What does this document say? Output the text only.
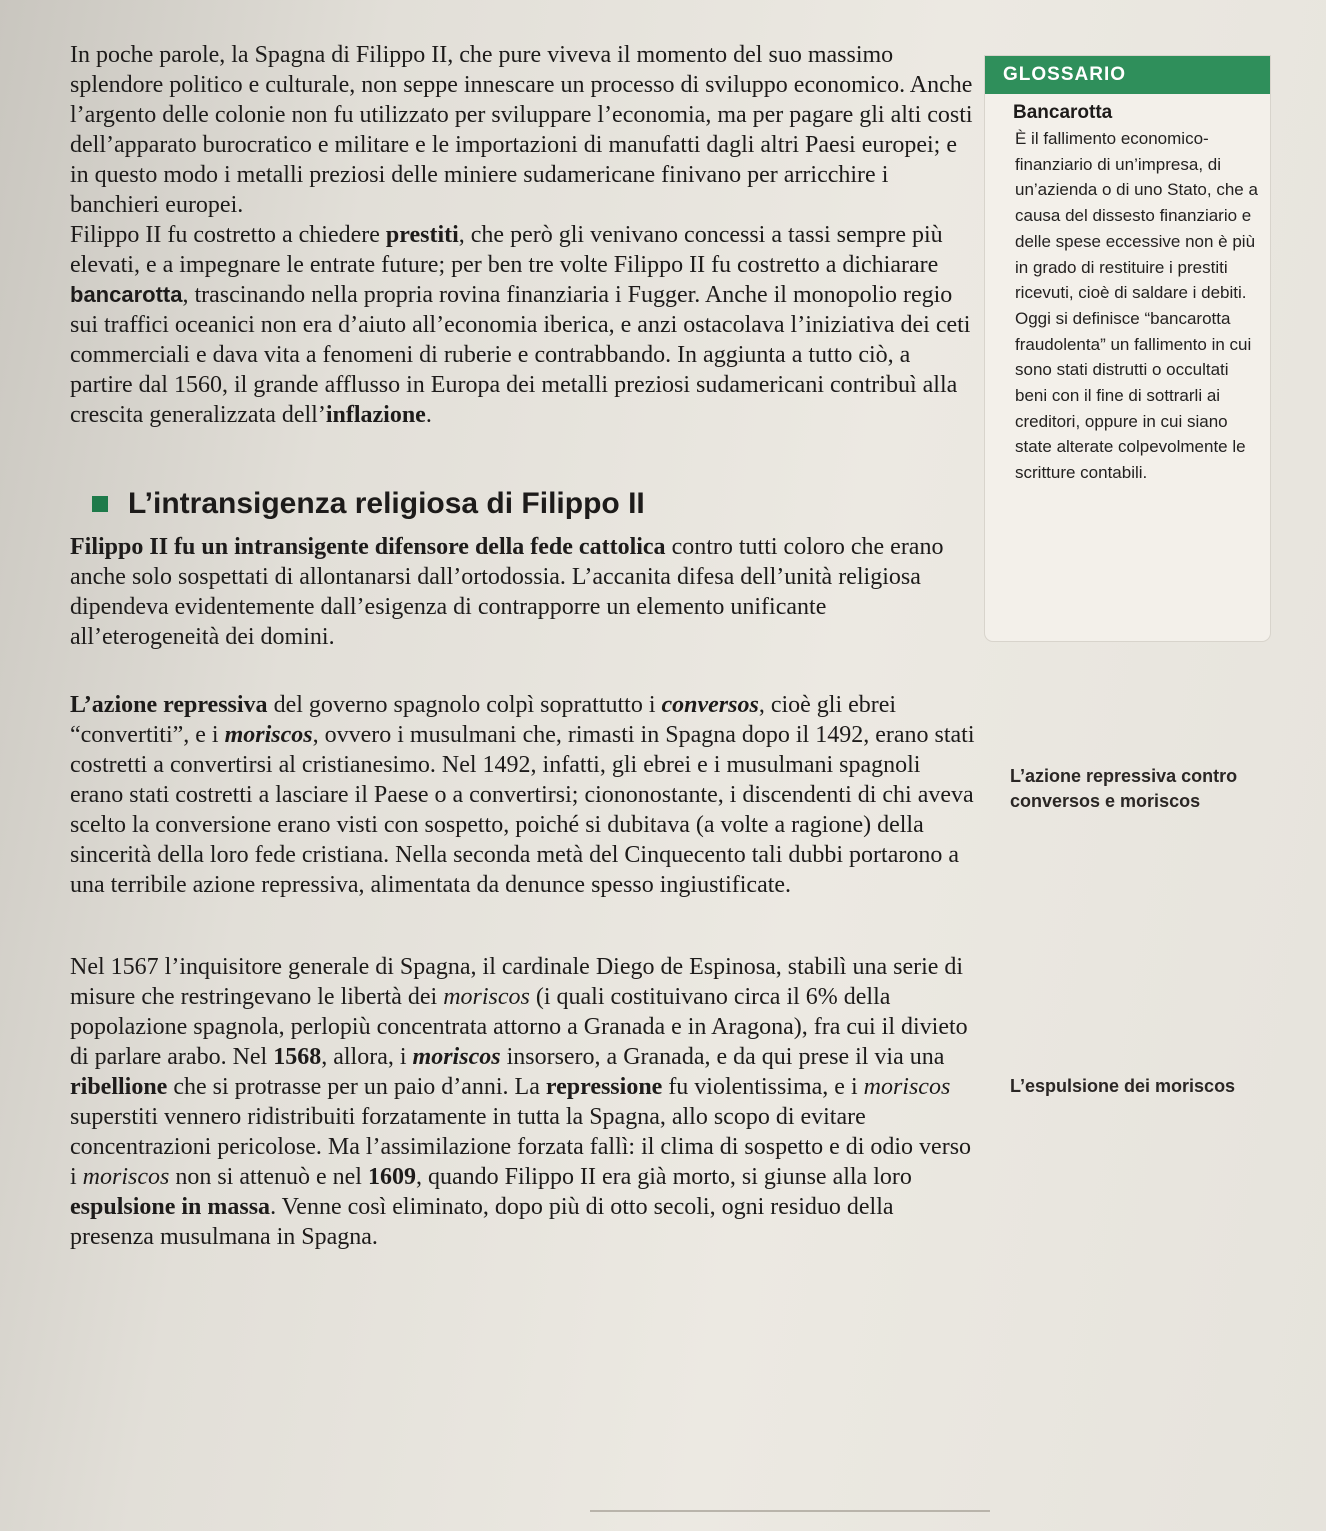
In poche parole, la Spagna di Filippo II, che pure viveva il momento del suo massimo splendore politico e culturale, non seppe innescare un processo di sviluppo economico. Anche l’argento delle colonie non fu utilizzato per sviluppare l’economia, ma per pagare gli alti costi dell’apparato burocratico e militare e le importazioni di manufatti dagli altri Paesi europei; e in questo modo i metalli preziosi delle miniere sudamericane finivano per arricchire i banchieri europei.

Filippo II fu costretto a chiedere prestiti, che però gli venivano concessi a tassi sempre più elevati, e a impegnare le entrate future; per ben tre volte Filippo II fu costretto a dichiarare bancarotta, trascinando nella propria rovina finanziaria i Fugger. Anche il monopolio regio sui traffici oceanici non era d’aiuto all’economia iberica, e anzi ostacolava l’iniziativa dei ceti commerciali e dava vita a fenomeni di ruberie e contrabbando. In aggiunta a tutto ciò, a partire dal 1560, il grande afflusso in Europa dei metalli preziosi sudamericani contribuì alla crescita generalizzata dell’inflazione.

L’intransigenza religiosa di Filippo II

Filippo II fu un intransigente difensore della fede cattolica contro tutti coloro che erano anche solo sospettati di allontanarsi dall’ortodossia. L’accanita difesa dell’unità religiosa dipendeva evidentemente dall’esigenza di contrapporre un elemento unificante all’eterogeneità dei domini.

L’azione repressiva del governo spagnolo colpì soprattutto i conversos, cioè gli ebrei “convertiti”, e i moriscos, ovvero i musulmani che, rimasti in Spagna dopo il 1492, erano stati costretti a convertirsi al cristianesimo. Nel 1492, infatti, gli ebrei e i musulmani spagnoli erano stati costretti a lasciare il Paese o a convertirsi; ciononostante, i discendenti di chi aveva scelto la conversione erano visti con sospetto, poiché si dubitava (a volte a ragione) della sincerità della loro fede cristiana. Nella seconda metà del Cinquecento tali dubbi portarono a una terribile azione repressiva, alimentata da denunce spesso ingiustificate.

Nel 1567 l’inquisitore generale di Spagna, il cardinale Diego de Espinosa, stabilì una serie di misure che restringevano le libertà dei moriscos (i quali costituivano circa il 6% della popolazione spagnola, perlopiù concentrata attorno a Granada e in Aragona), fra cui il divieto di parlare arabo. Nel 1568, allora, i moriscos insorsero, a Granada, e da qui prese il via una ribellione che si protrasse per un paio d’anni. La repressione fu violentissima, e i moriscos superstiti vennero ridistribuiti forzatamente in tutta la Spagna, allo scopo di evitare concentrazioni pericolose. Ma l’assimilazione forzata fallì: il clima di sospetto e di odio verso i moriscos non si attenuò e nel 1609, quando Filippo II era già morto, si giunse alla loro espulsione in massa. Venne così eliminato, dopo più di otto secoli, ogni residuo della presenza musulmana in Spagna.

GLOSSARIO
Bancarotta
È il fallimento economico-finanziario di un’impresa, di un’azienda o di uno Stato, che a causa del dissesto finanziario e delle spese eccessive non è più in grado di restituire i prestiti ricevuti, cioè di saldare i debiti. Oggi si definisce “bancarotta fraudolenta” un fallimento in cui sono stati distrutti o occultati beni con il fine di sottrarli ai creditori, oppure in cui siano state alterate colpevolmente le scritture contabili.
L’azione repressiva contro conversos e moriscos
L’espulsione dei moriscos
